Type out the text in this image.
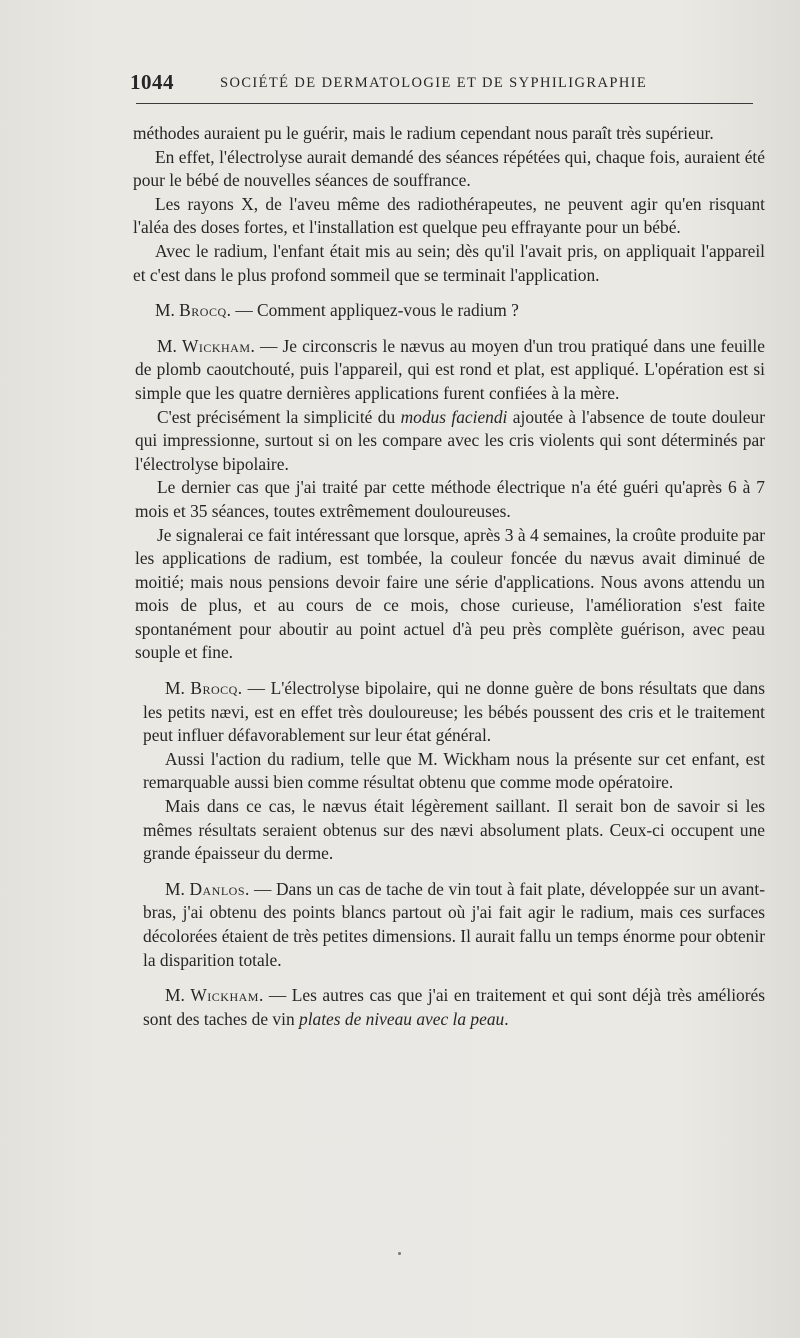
1044	SOCIÉTÉ DE DERMATOLOGIE ET DE SYPHILIGRAPHIE

méthodes auraient pu le guérir, mais le radium cependant nous paraît très supérieur.

En effet, l'électrolyse aurait demandé des séances répétées qui, chaque fois, auraient été pour le bébé de nouvelles séances de souffrance.

Les rayons X, de l'aveu même des radiothérapeutes, ne peuvent agir qu'en risquant l'aléa des doses fortes, et l'installation est quelque peu effrayante pour un bébé.

Avec le radium, l'enfant était mis au sein; dès qu'il l'avait pris, on appliquait l'appareil et c'est dans le plus profond sommeil que se terminait l'application.

M. Brocq. — Comment appliquez-vous le radium ?

M. Wickham. — Je circonscris le nævus au moyen d'un trou pratiqué dans une feuille de plomb caoutchouté, puis l'appareil, qui est rond et plat, est appliqué. L'opération est si simple que les quatre dernières applications furent confiées à la mère.

C'est précisément la simplicité du modus faciendi ajoutée à l'absence de toute douleur qui impressionne, surtout si on les compare avec les cris violents qui sont déterminés par l'électrolyse bipolaire.

Le dernier cas que j'ai traité par cette méthode électrique n'a été guéri qu'après 6 à 7 mois et 35 séances, toutes extrêmement douloureuses.

Je signalerai ce fait intéressant que lorsque, après 3 à 4 semaines, la croûte produite par les applications de radium, est tombée, la couleur foncée du nævus avait diminué de moitié; mais nous pensions devoir faire une série d'applications. Nous avons attendu un mois de plus, et au cours de ce mois, chose curieuse, l'amélioration s'est faite spontanément pour aboutir au point actuel d'à peu près complète guérison, avec peau souple et fine.

M. Brocq. — L'électrolyse bipolaire, qui ne donne guère de bons résultats que dans les petits nævi, est en effet très douloureuse; les bébés poussent des cris et le traitement peut influer défavorablement sur leur état général.

Aussi l'action du radium, telle que M. Wickham nous la présente sur cet enfant, est remarquable aussi bien comme résultat obtenu que comme mode opératoire.

Mais dans ce cas, le nævus était légèrement saillant. Il serait bon de savoir si les mêmes résultats seraient obtenus sur des nævi absolument plats. Ceux-ci occupent une grande épaisseur du derme.

M. Danlos. — Dans un cas de tache de vin tout à fait plate, développée sur un avant-bras, j'ai obtenu des points blancs partout où j'ai fait agir le radium, mais ces surfaces décolorées étaient de très petites dimensions. Il aurait fallu un temps énorme pour obtenir la disparition totale.

M. Wickham. — Les autres cas que j'ai en traitement et qui sont déjà très améliorés sont des taches de vin plates de niveau avec la peau.
